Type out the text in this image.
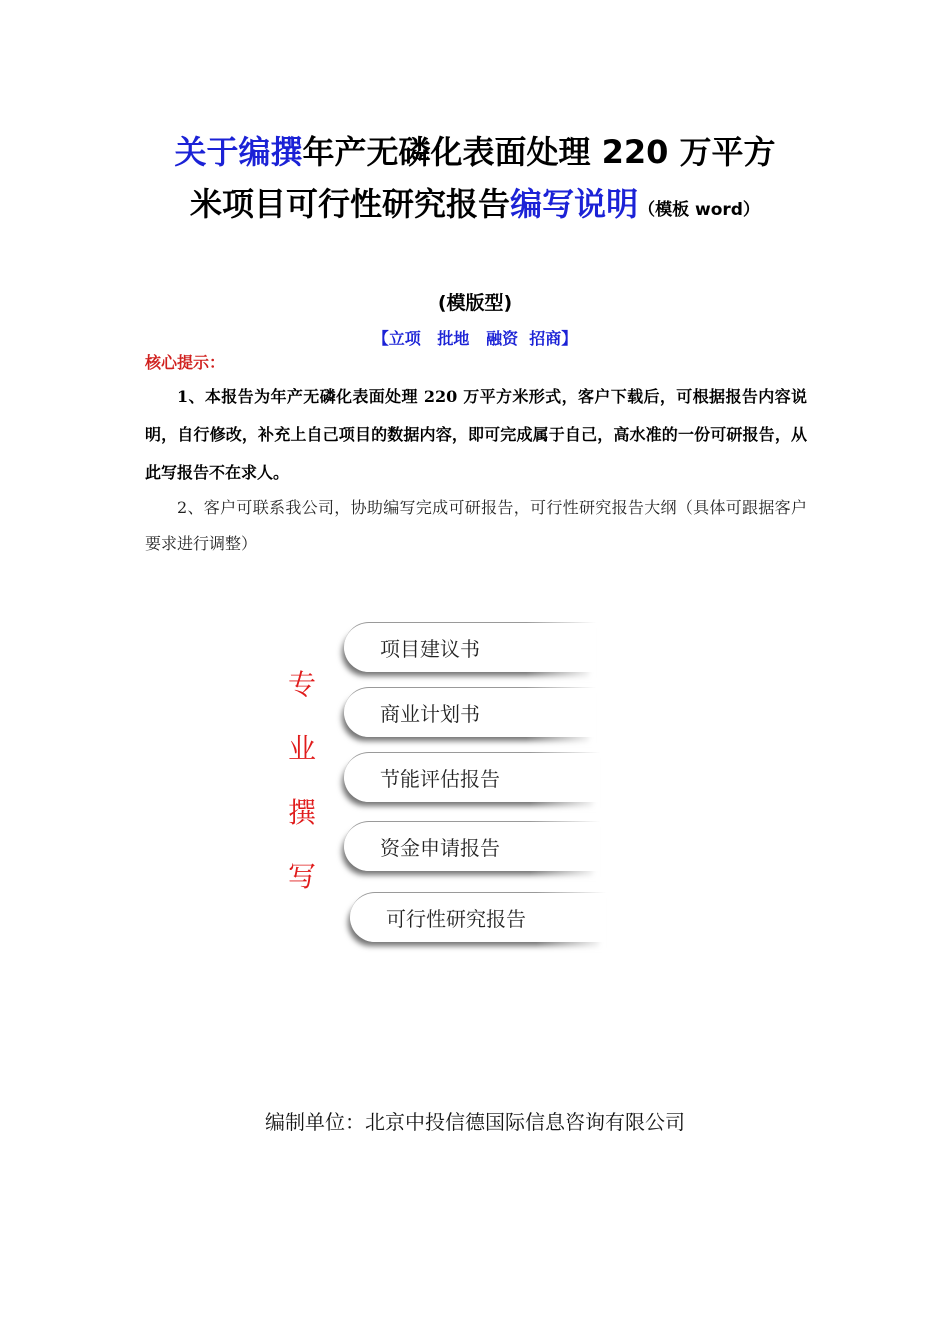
关于编撰年产无磷化表面处理 220 万平方
米项目可行性研究报告编写说明（模板 word）
(模版型)
【立项   批地   融资  招商】
核心提示：
1、本报告为年产无磷化表面处理 220 万平方米形式，客户下载后，可根据报告内容说明，自行修改，补充上自己项目的数据内容，即可完成属于自己，高水准的一份可研报告，从此写报告不在求人。
2、客户可联系我公司，协助编写完成可研报告，可行性研究报告大纲（具体可跟据客户要求进行调整）
专
业
撰
写
项目建议书
商业计划书
节能评估报告
资金申请报告
可行性研究报告
编制单位：北京中投信德国际信息咨询有限公司
